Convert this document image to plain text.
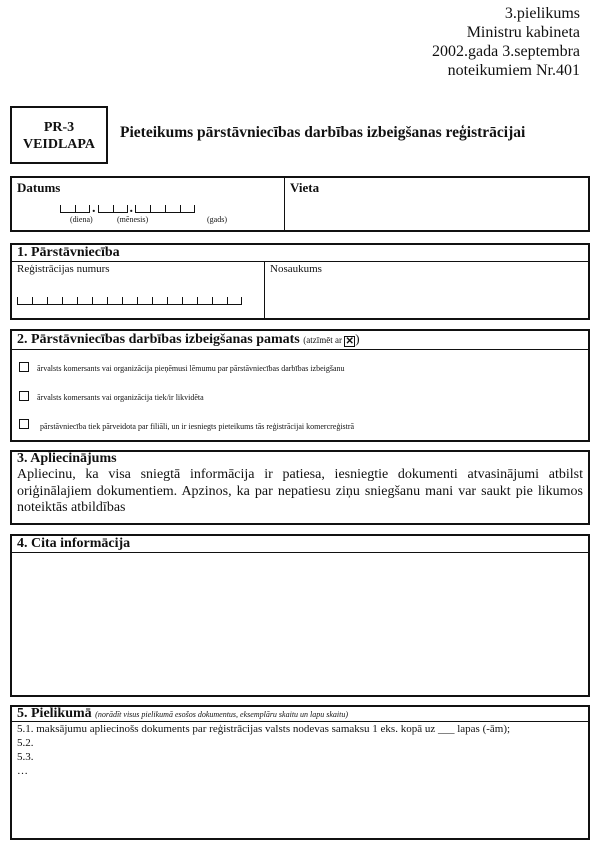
3.pielikums
Ministru kabineta
2002.gada 3.septembra
noteikumiem Nr.401
PR-3
VEIDLAPA
Pieteikums pārstāvniecības darbības izbeigšanas reģistrācijai
Datums	Vieta
. .
(diena)	(mēnesis)	(gads)
1. Pārstāvniecība
Reģistrācijas numurs	Nosaukums
2. Pārstāvniecības darbības izbeigšanas pamats (atzīmēt ar ✕)
ārvalsts komersants vai organizācija pieņēmusi lēmumu par pārstāvniecības darbības izbeigšanu
ārvalsts komersants vai organizācija tiek/ir likvidēta
pārstāvniecība tiek pārveidota par filiāli, un ir iesniegts pieteikums tās reģistrācijai komercreģistrā
3. Apliecinājums
Apliecinu, ka visa sniegtā informācija ir patiesa, iesniegtie dokumenti atvasinājumi atbilst oriģinālajiem dokumentiem. Apzinos, ka par nepatiesu ziņu sniegšanu mani var saukt pie likumos noteiktās atbildības
4. Cita informācija
5. Pielikumā (norādīt visus pielikumā esošos dokumentus, eksemplāru skaitu un lapu skaitu)
5.1. maksājumu apliecinošs dokuments par reģistrācijas valsts nodevas samaksu 1 eks. kopā uz ___ lapas (-ām);
5.2.
5.3.
…
